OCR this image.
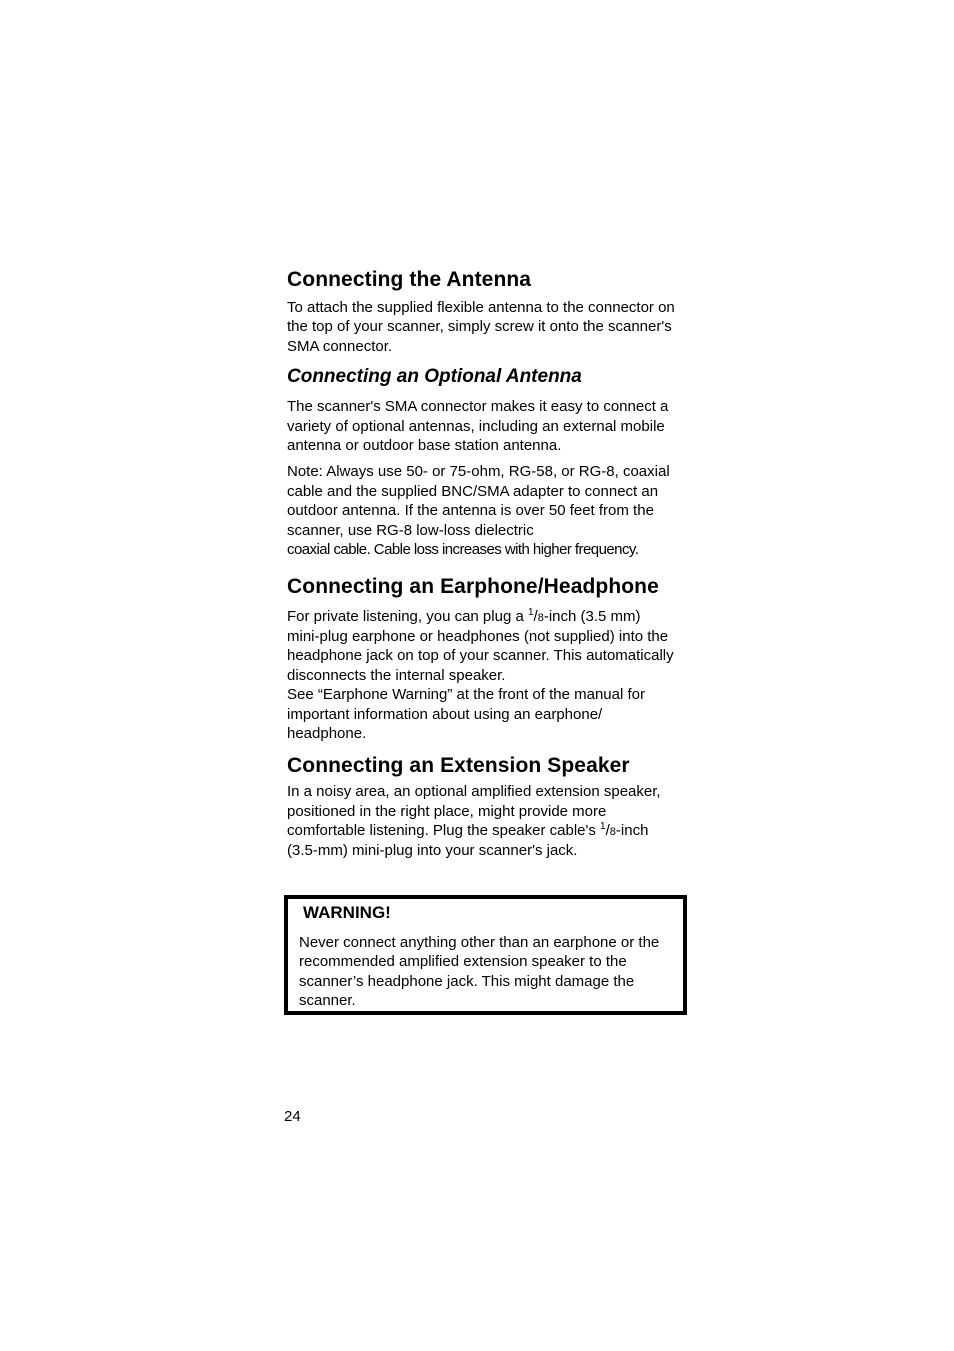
Connecting the Antenna

To attach the supplied flexible antenna to the connector on the top of your scanner, simply screw it onto the scanner's SMA connector.

Connecting an Optional Antenna

The scanner's SMA connector makes it easy to connect a variety of optional antennas, including an external mobile antenna or outdoor base station antenna.

Note: Always use 50- or 75-ohm, RG-58, or RG-8, coaxial cable and the supplied BNC/SMA adapter to connect an outdoor antenna. If the antenna is over 50 feet from the scanner, use RG-8 low-loss dielectric
coaxial cable. Cable loss increases with higher frequency.

Connecting an Earphone/Headphone

For private listening, you can plug a $^1$/8-inch (3.5 mm) mini-plug earphone or headphones (not supplied) into the headphone jack on top of your scanner. This automatically disconnects the internal speaker.

See “Earphone Warning” at the front of the manual for important information about using an earphone/ headphone.

Connecting an Extension Speaker

In a noisy area, an optional amplified extension speaker, positioned in the right place, might provide more comfortable listening. Plug the speaker cable's $^1$/8-inch (3.5-mm) mini-plug into your scanner's jack.

WARNING!

Never connect anything other than an earphone or the recommended amplified extension speaker to the scanner’s headphone jack. This might damage the scanner.

24
